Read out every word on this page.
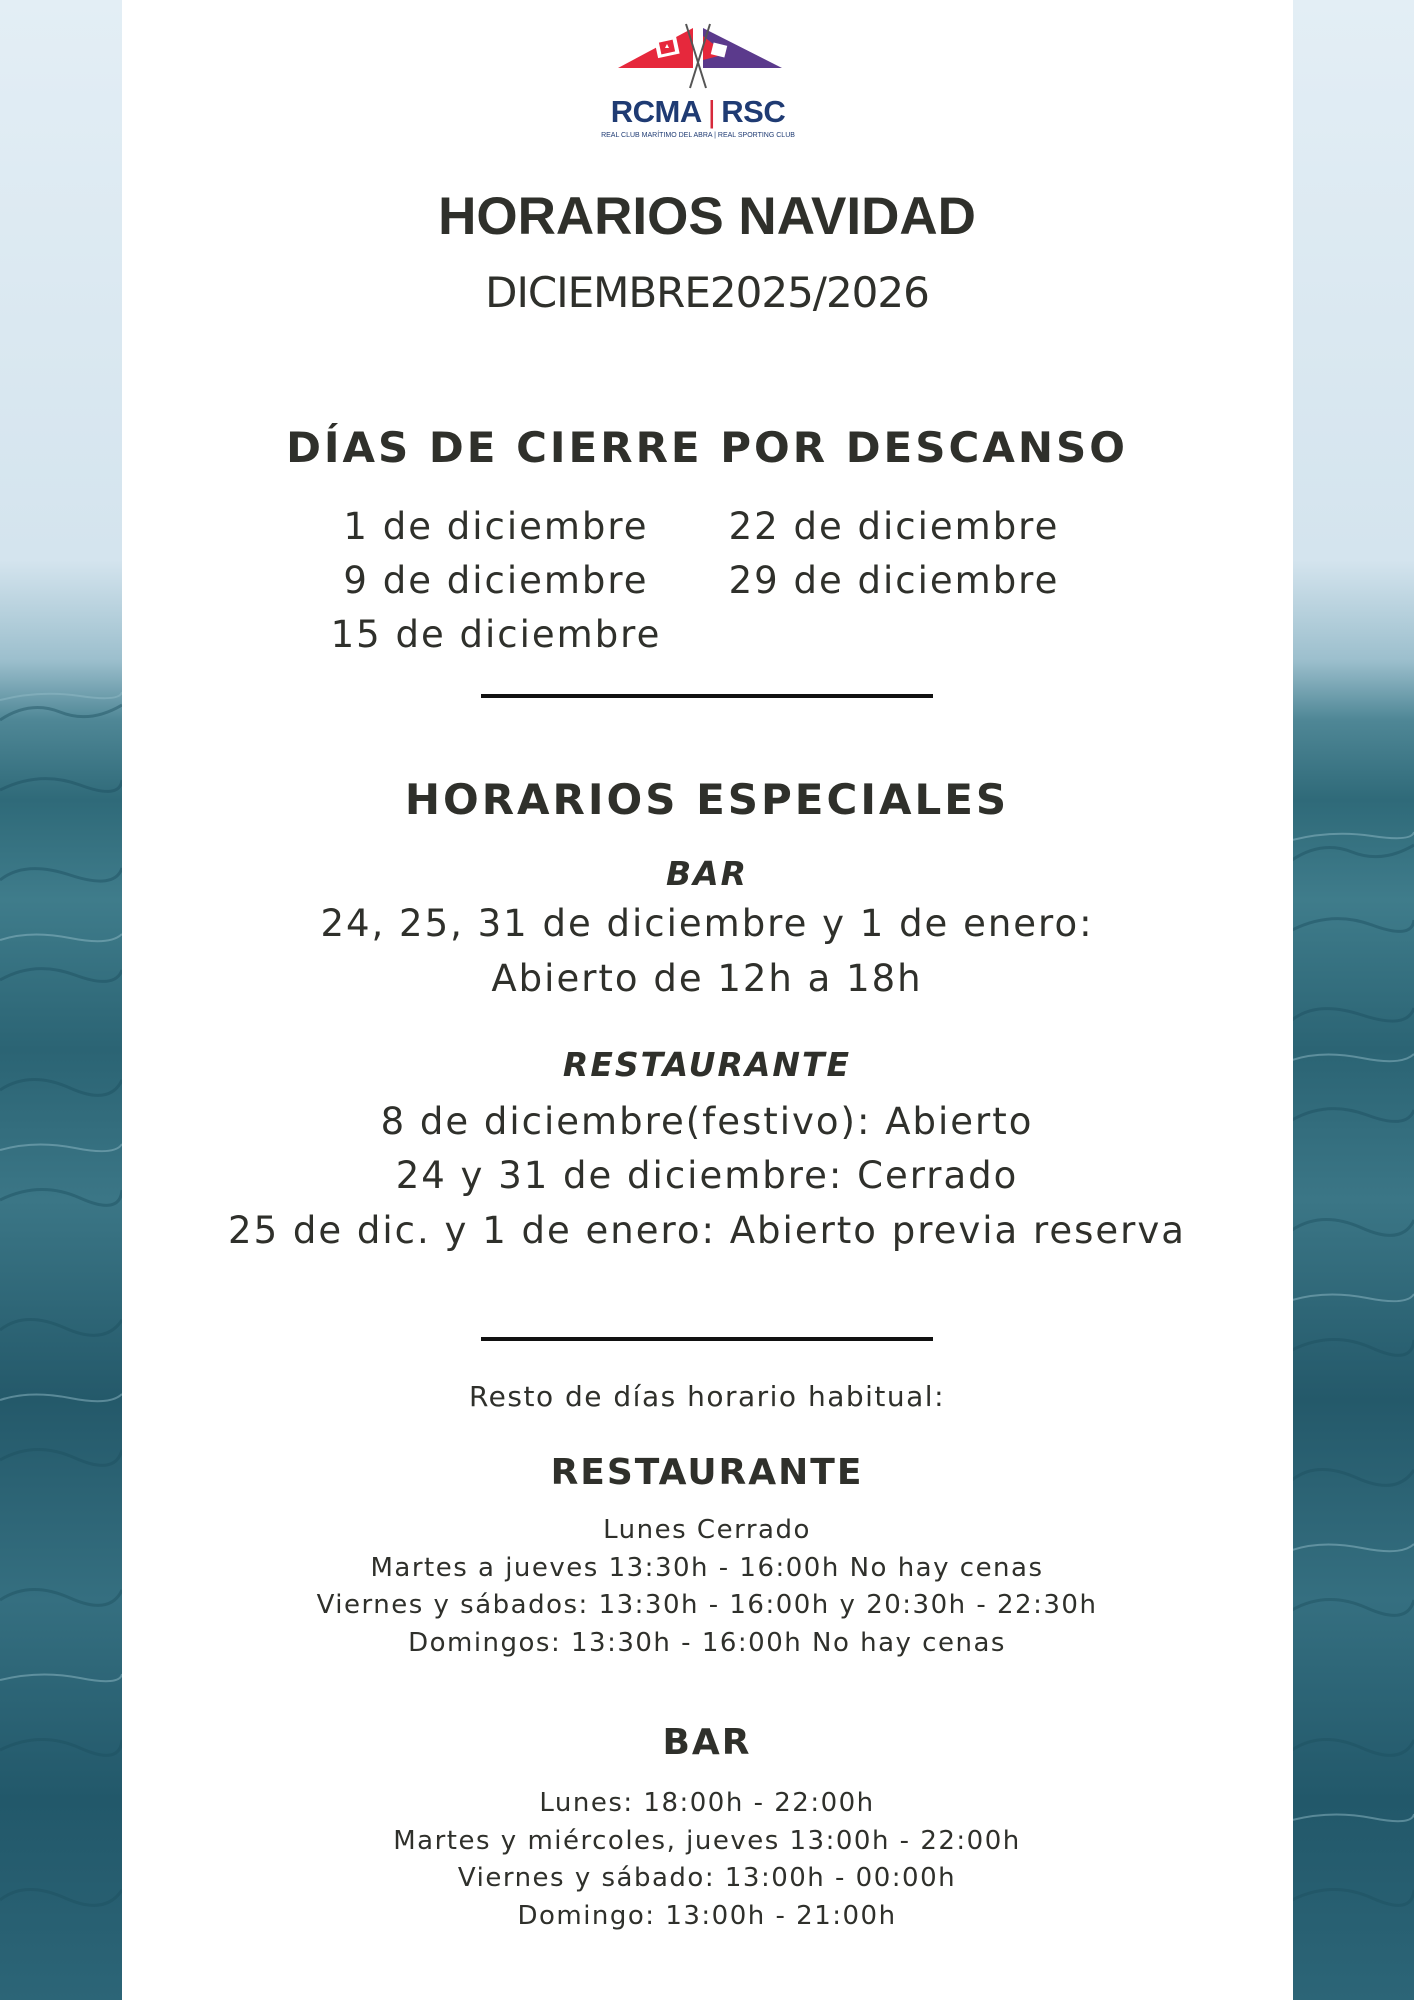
RCMA | RSC
REAL CLUB MARÍTIMO DEL ABRA | REAL SPORTING CLUB
HORARIOS NAVIDAD
DICIEMBRE2025/2026
DÍAS DE CIERRE POR DESCANSO
1 de diciembre
9 de diciembre
15 de diciembre
22 de diciembre
29 de diciembre
HORARIOS ESPECIALES
BAR
24, 25, 31 de diciembre y 1 de enero:
Abierto de 12h a 18h
RESTAURANTE
8 de diciembre(festivo): Abierto
24 y 31 de diciembre: Cerrado
25 de dic. y 1 de enero: Abierto previa reserva
Resto de días horario habitual:
RESTAURANTE
Lunes Cerrado
Martes a jueves 13:30h - 16:00h No hay cenas
Viernes y sábados: 13:30h - 16:00h y 20:30h - 22:30h
Domingos: 13:30h - 16:00h No hay cenas
BAR
Lunes: 18:00h - 22:00h
Martes y miércoles, jueves 13:00h - 22:00h
Viernes y sábado: 13:00h - 00:00h
Domingo: 13:00h - 21:00h
